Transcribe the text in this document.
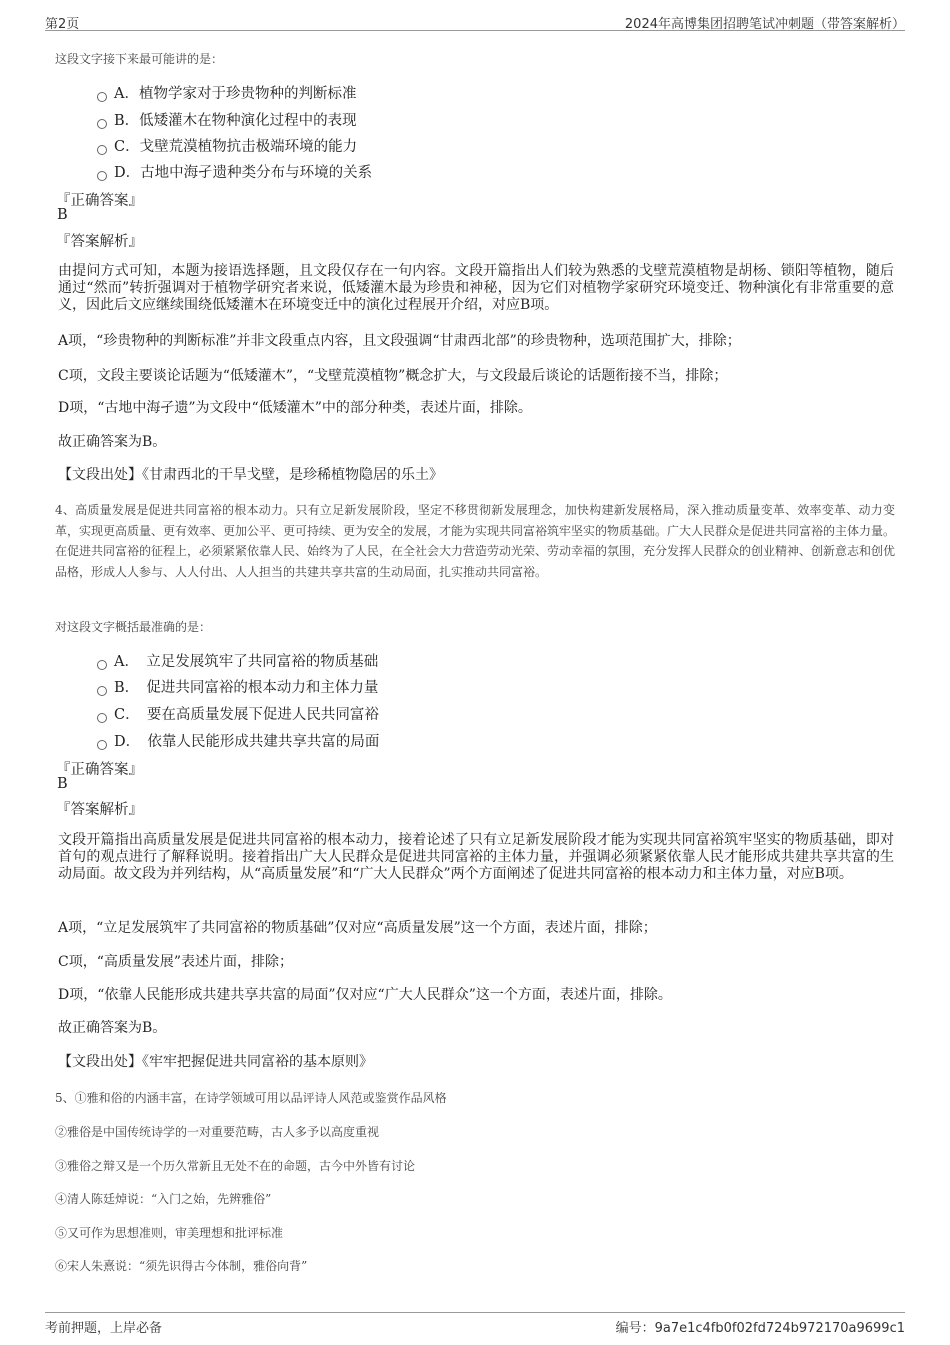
第2页	2024年高博集团招聘笔试冲刺题（带答案解析）
这段文字接下来最可能讲的是：
A．植物学家对于珍贵物种的判断标准
B．低矮灌木在物种演化过程中的表现
C．戈壁荒漠植物抗击极端环境的能力
D．古地中海孑遗种类分布与环境的关系
『正确答案』
B
『答案解析』
由提问方式可知，本题为接语选择题，且文段仅存在一句内容。文段开篇指出人们较为熟悉的戈壁荒漠植物是胡杨、锁阳等植物，随后通过“然而”转折强调对于植物学研究者来说，低矮灌木最为珍贵和神秘，因为它们对植物学家研究环境变迁、物种演化有非常重要的意义，因此后文应继续围绕低矮灌木在环境变迁中的演化过程展开介绍，对应B项。
A项，“珍贵物种的判断标准”并非文段重点内容，且文段强调“甘肃西北部”的珍贵物种，选项范围扩大，排除；
C项，文段主要谈论话题为“低矮灌木”，“戈壁荒漠植物”概念扩大，与文段最后谈论的话题衔接不当，排除；
D项，“古地中海孑遗”为文段中“低矮灌木”中的部分种类，表述片面，排除。
故正确答案为B。
【文段出处】《甘肃西北的干旱戈壁，是珍稀植物隐居的乐土》
4、高质量发展是促进共同富裕的根本动力。只有立足新发展阶段，坚定不移贯彻新发展理念，加快构建新发展格局，深入推动质量变革、效率变革、动力变革，实现更高质量、更有效率、更加公平、更可持续、更为安全的发展，才能为实现共同富裕筑牢坚实的物质基础。广大人民群众是促进共同富裕的主体力量。在促进共同富裕的征程上，必须紧紧依靠人民、始终为了人民，在全社会大力营造劳动光荣、劳动幸福的氛围，充分发挥人民群众的创业精神、创新意志和创优品格，形成人人参与、人人付出、人人担当的共建共享共富的生动局面，扎实推动共同富裕。
对这段文字概括最准确的是：
A．　立足发展筑牢了共同富裕的物质基础
B．　促进共同富裕的根本动力和主体力量
C．　要在高质量发展下促进人民共同富裕
D．　依靠人民能形成共建共享共富的局面
『正确答案』
B
『答案解析』
文段开篇指出高质量发展是促进共同富裕的根本动力，接着论述了只有立足新发展阶段才能为实现共同富裕筑牢坚实的物质基础，即对首句的观点进行了解释说明。接着指出广大人民群众是促进共同富裕的主体力量，并强调必须紧紧依靠人民才能形成共建共享共富的生动局面。故文段为并列结构，从“高质量发展”和“广大人民群众”两个方面阐述了促进共同富裕的根本动力和主体力量，对应B项。
A项，“立足发展筑牢了共同富裕的物质基础”仅对应“高质量发展”这一个方面，表述片面，排除；
C项，“高质量发展”表述片面，排除；
D项，“依靠人民能形成共建共享共富的局面”仅对应“广大人民群众”这一个方面，表述片面，排除。
故正确答案为B。
【文段出处】《牢牢把握促进共同富裕的基本原则》
5、①雅和俗的内涵丰富，在诗学领域可用以品评诗人风范或鉴赏作品风格
②雅俗是中国传统诗学的一对重要范畴，古人多予以高度重视
③雅俗之辩又是一个历久常新且无处不在的命题，古今中外皆有讨论
④清人陈廷焯说：“入门之始，先辨雅俗”
⑤又可作为思想准则，审美理想和批评标准
⑥宋人朱熹说：“须先识得古今体制，雅俗向背”
考前押题，上岸必备	编号：9a7e1c4fb0f02fd724b972170a9699c1
